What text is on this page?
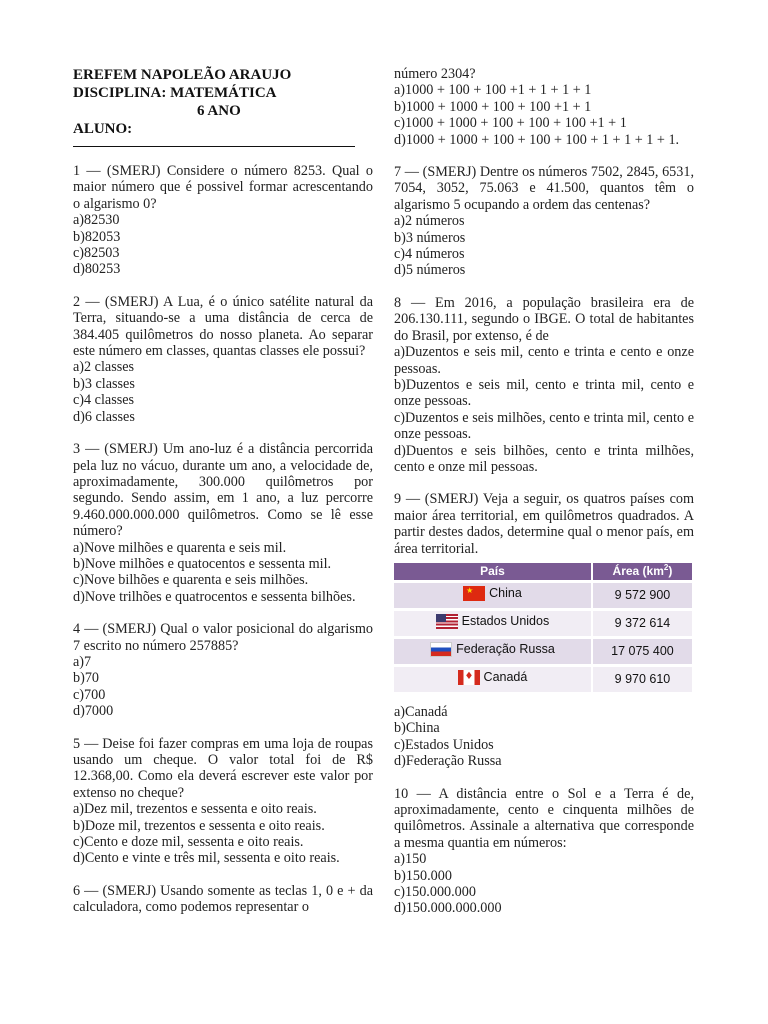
EREFEM NAPOLEÃO ARAUJO
DISCIPLINA: MATEMÁTICA
6 ANO
ALUNO:
1 — (SMERJ) Considere o número 8253. Qual o maior número que é possivel formar acrescentando o algarismo 0?
a)82530
b)82053
c)82503
d)80253
2 — (SMERJ) A Lua, é o único satélite natural da Terra, situando-se a uma distância de cerca de 384.405 quilômetros do nosso planeta. Ao separar este número em classes, quantas classes ele possui?
a)2 classes
b)3 classes
c)4 classes
d)6 classes
3 — (SMERJ) Um ano-luz é a distância percorrida pela luz no vácuo, durante um ano, a velocidade de, aproximadamente, 300.000 quilômetros por segundo. Sendo assim, em 1 ano, a luz percorre 9.460.000.000.000 quilômetros. Como se lê esse número?
a)Nove milhões e quarenta e seis mil.
b)Nove milhões e quatocentos e sessenta mil.
c)Nove bilhões e quarenta e seis milhões.
d)Nove trilhões e quatrocentos e sessenta bilhões.
4 — (SMERJ) Qual o valor posicional do algarismo 7 escrito no número 257885?
a)7
b)70
c)700
d)7000
5 — Deise foi fazer compras em uma loja de roupas usando um cheque. O valor total foi de R$ 12.368,00. Como ela deverá escrever este valor por extenso no cheque?
a)Dez mil, trezentos e sessenta e oito reais.
b)Doze mil, trezentos e sessenta e oito reais.
c)Cento e doze mil, sessenta e oito reais.
d)Cento e vinte e três mil, sessenta e oito reais.
6 — (SMERJ) Usando somente as teclas 1, 0 e + da calculadora, como podemos representar o
número 2304?
a)1000 + 100 + 100 +1 + 1 + 1 + 1
b)1000 + 1000 + 100 + 100 +1 + 1
c)1000 + 1000 + 100 + 100 + 100 +1 + 1
d)1000 + 1000 + 100 + 100 + 100 + 1 + 1 + 1 + 1.
7 — (SMERJ) Dentre os números 7502, 2845, 6531, 7054, 3052, 75.063 e 41.500, quantos têm o algarismo 5 ocupando a ordem das centenas?
a)2 números
b)3 números
c)4 números
d)5 números
8 — Em 2016, a população brasileira era de 206.130.111, segundo o IBGE. O total de habitantes do Brasil, por extenso, é de
a)Duzentos e seis mil, cento e trinta e cento e onze pessoas.
b)Duzentos e seis mil, cento e trinta mil, cento e onze pessoas.
c)Duzentos e seis milhões, cento e trinta mil, cento e onze pessoas.
d)Duentos e seis bilhões, cento e trinta milhões, cento e onze mil pessoas.
9 — (SMERJ) Veja a seguir, os quatros países com maior área territorial, em quilômetros quadrados. A partir destes dados, determine qual o menor país, em área territorial.
País	Área $(km^2)$

★
China	9 572 900

Estados Unidos	9 372 614

Federação Russa	17 075 400

♦
Canadá	9 970 610
a)Canadá
b)China
c)Estados Unidos
d)Federação Russa
10 — A distância entre o Sol e a Terra é de, aproximadamente, cento e cinquenta milhões de quilômetros. Assinale a alternativa que corresponde a mesma quantia em números:
a)150
b)150.000
c)150.000.000
d)150.000.000.000
